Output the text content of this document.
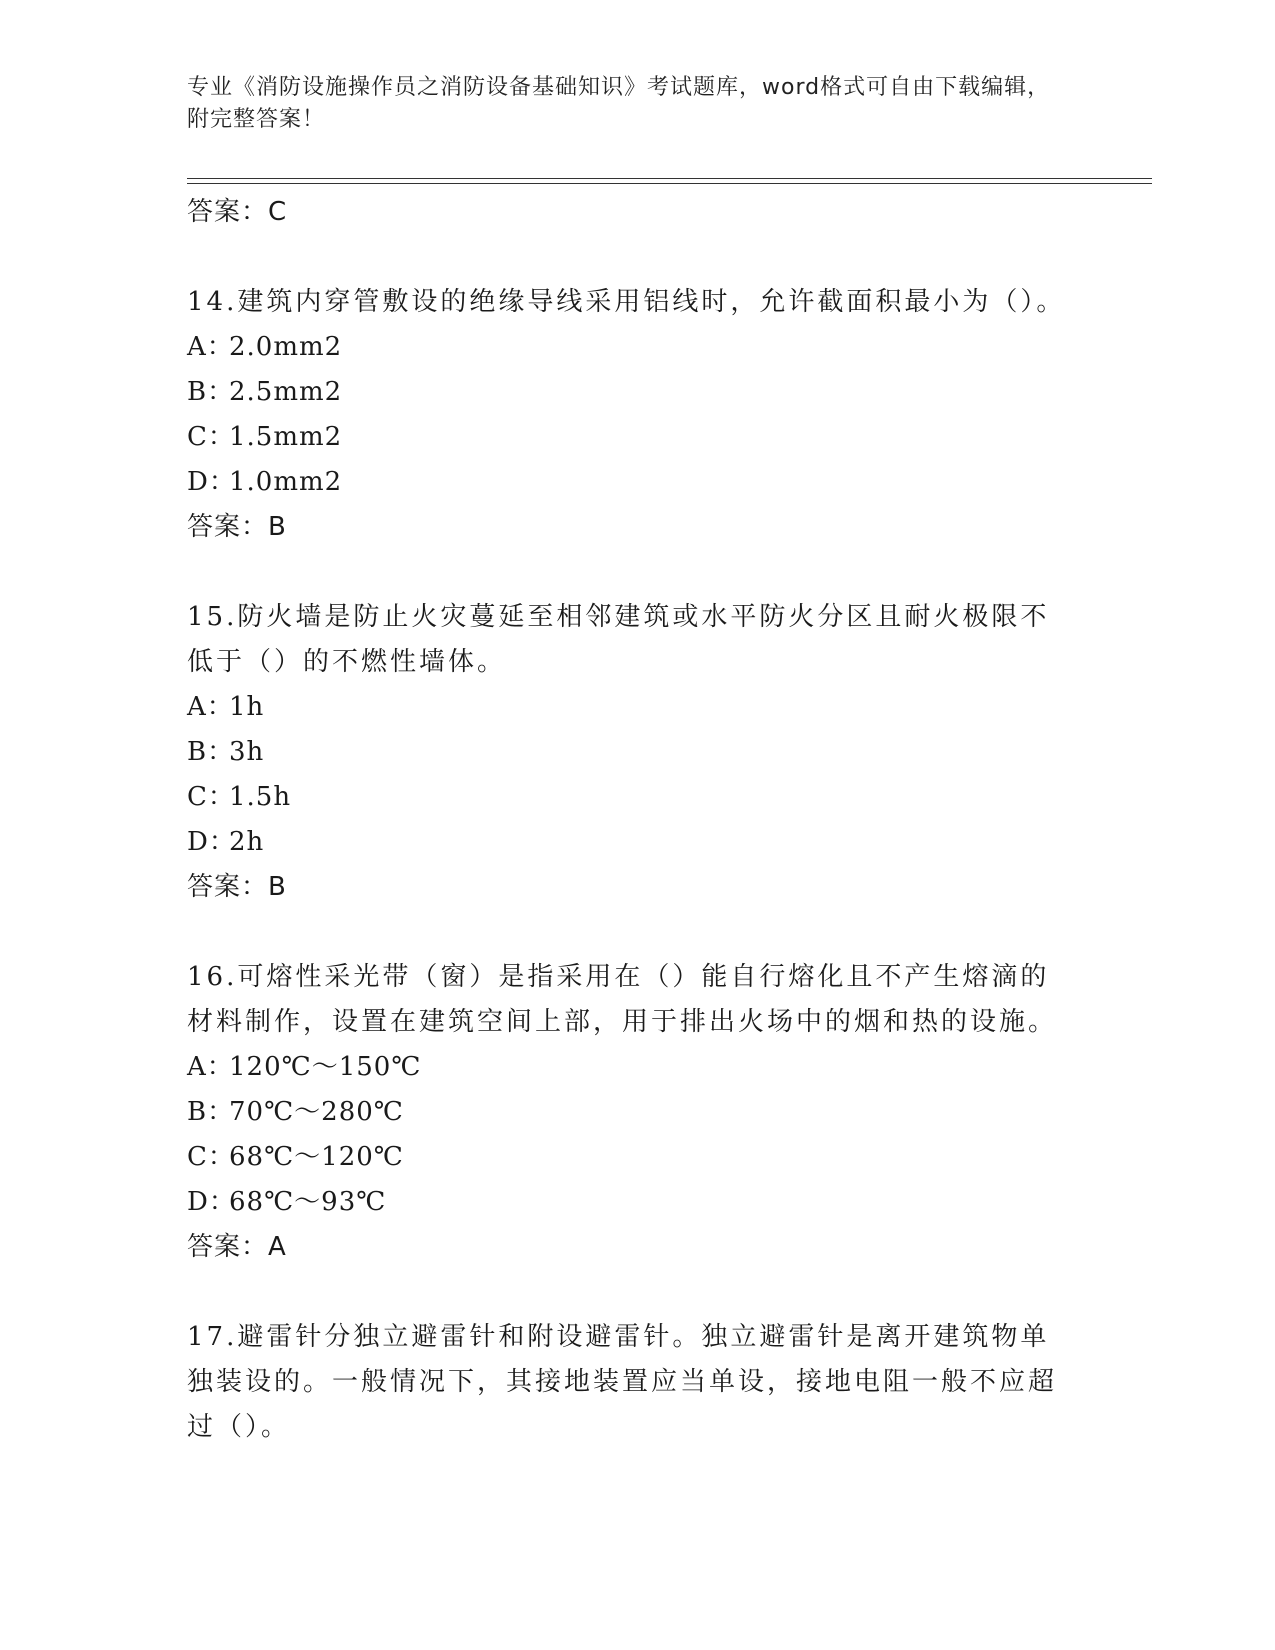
专业《消防设施操作员之消防设备基础知识》考试题库，word格式可自由下载编辑，附完整答案！
答案：C
14.建筑内穿管敷设的绝缘导线采用铝线时，允许截面积最小为（）。
A：2.0mm2
B：2.5mm2
C：1.5mm2
D：1.0mm2
答案：B
15.防火墙是防止火灾蔓延至相邻建筑或水平防火分区且耐火极限不低于（）的不燃性墙体。
A：1h
B：3h
C：1.5h
D：2h
答案：B
16.可熔性采光带（窗）是指采用在（）能自行熔化且不产生熔滴的材料制作，设置在建筑空间上部，用于排出火场中的烟和热的设施。
A：120℃～150℃
B：70℃～280℃
C：68℃～120℃
D：68℃～93℃
答案：A
17.避雷针分独立避雷针和附设避雷针。独立避雷针是离开建筑物单独装设的。一般情况下，其接地装置应当单设，接地电阻一般不应超过（）。
